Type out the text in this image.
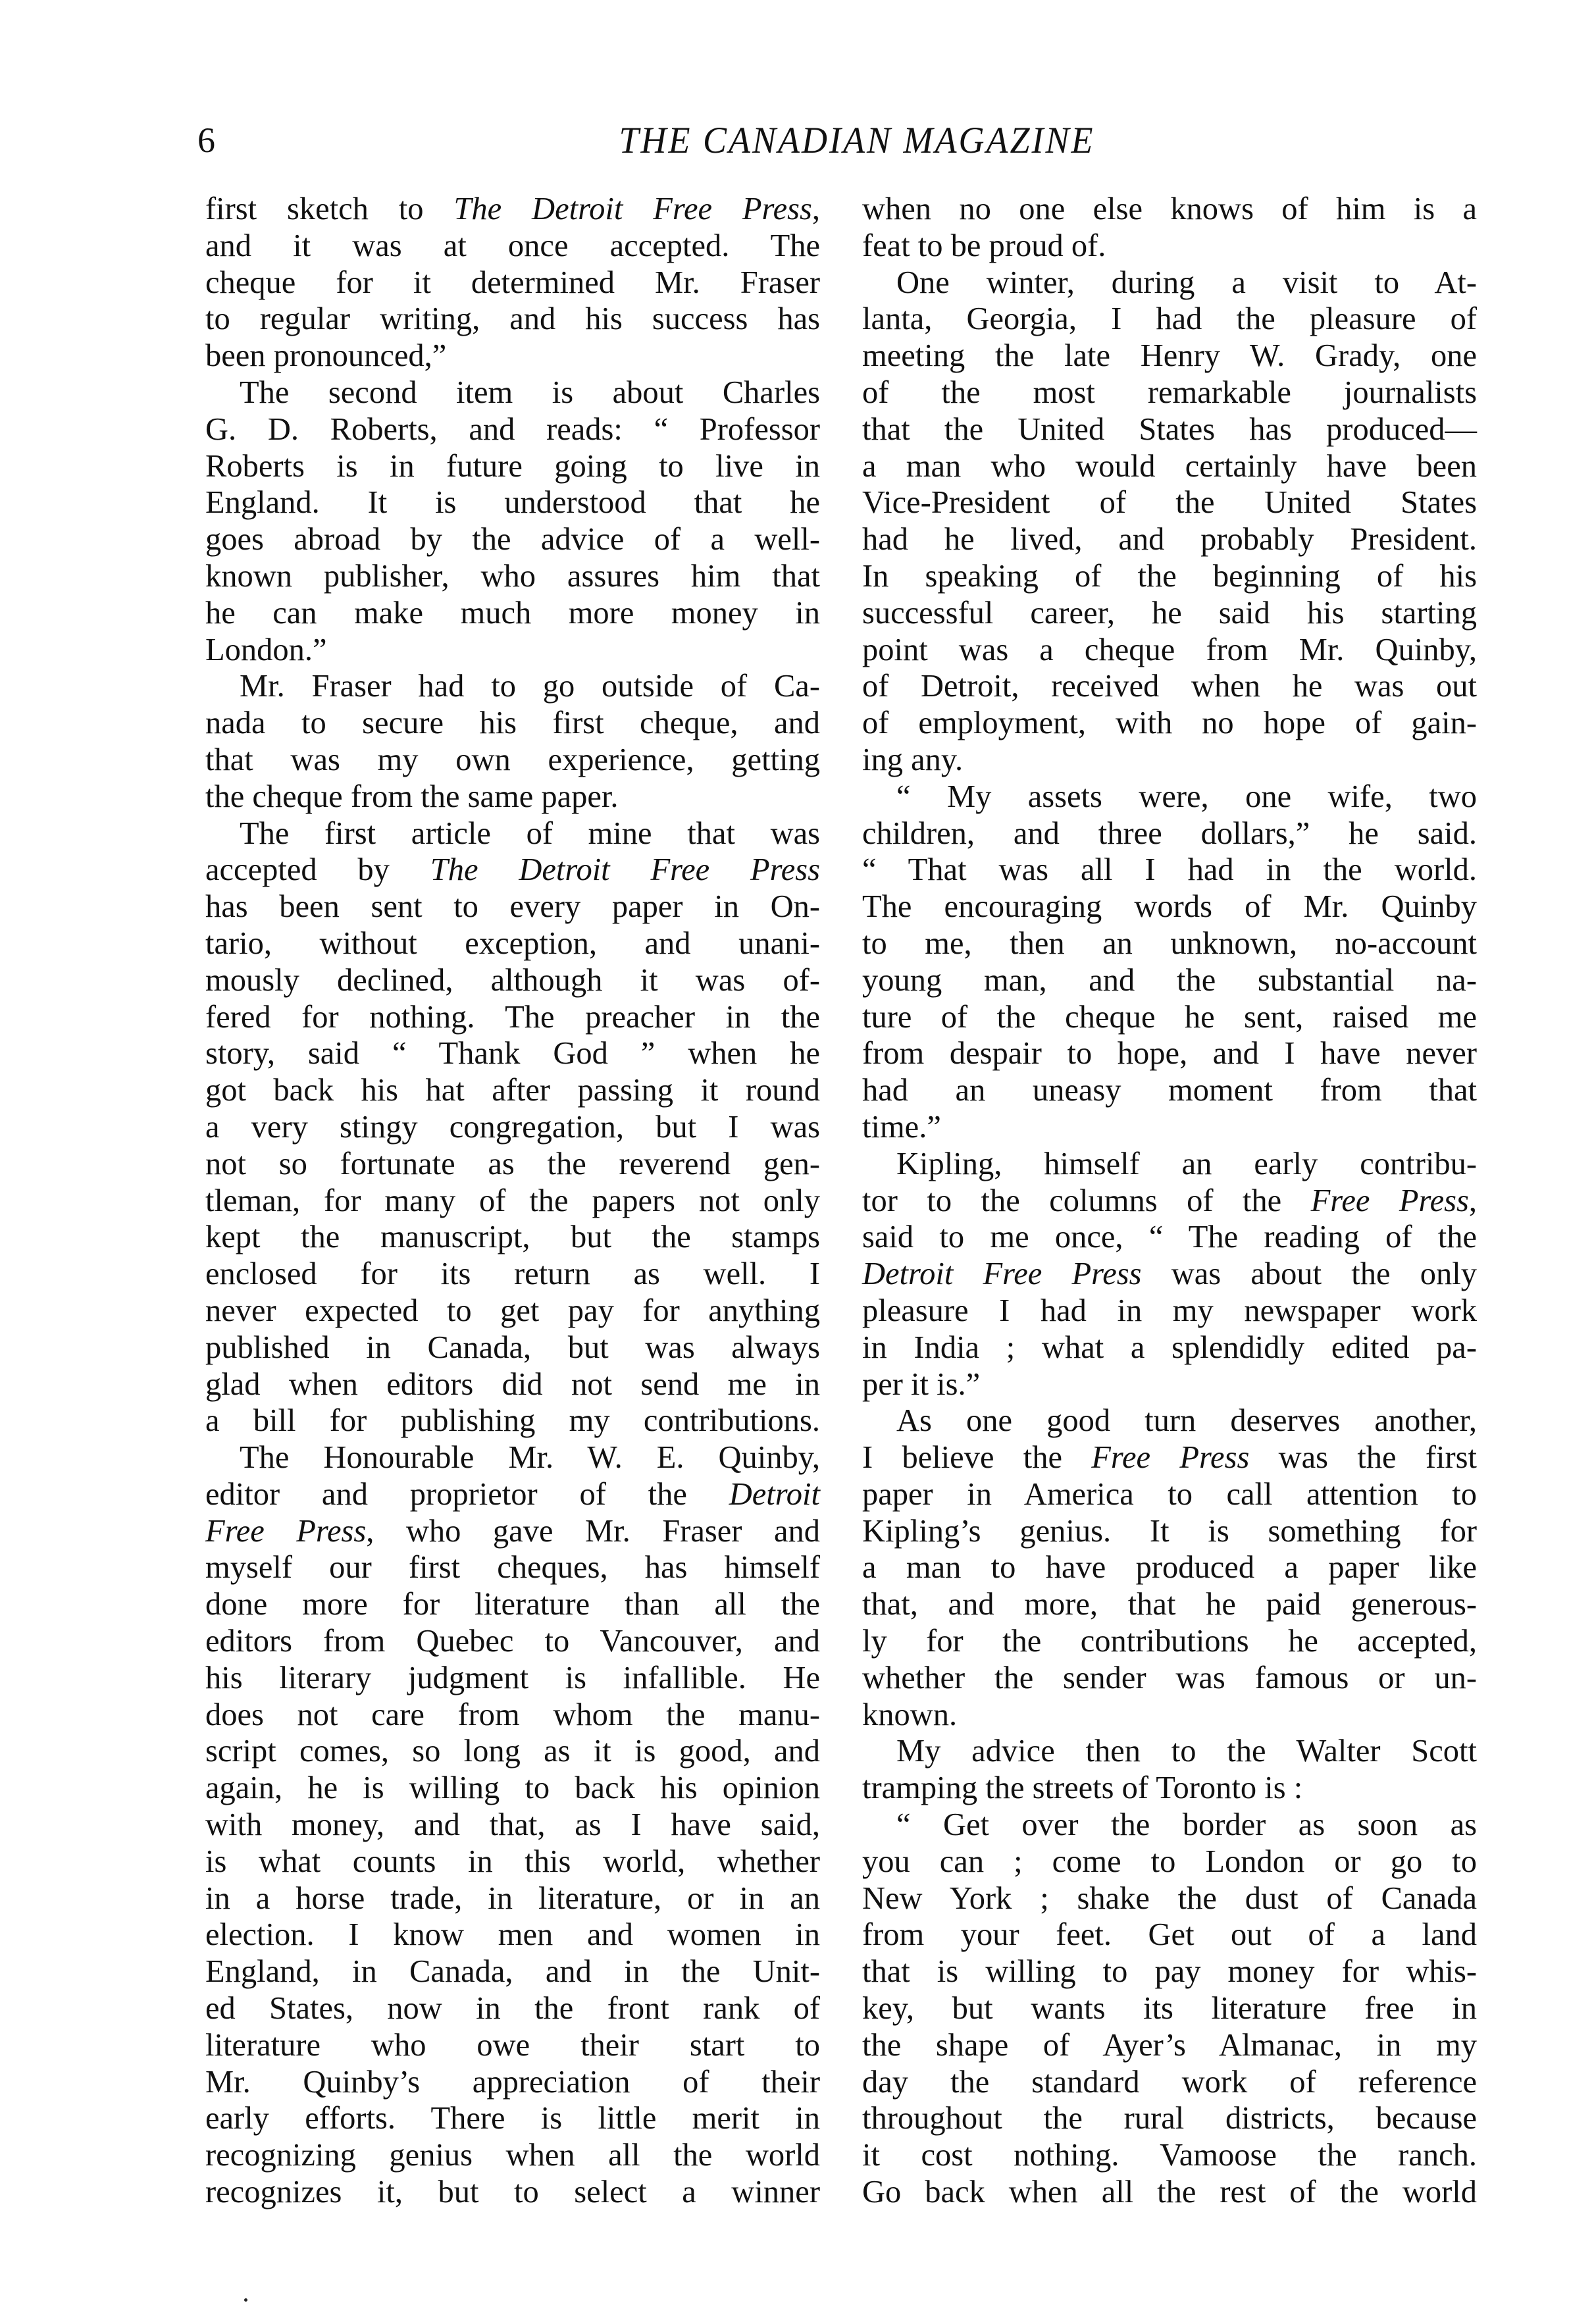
6	THE CANADIAN MAGAZINE
first sketch to The Detroit Free Press,
and it was at once accepted. The
cheque for it determined Mr. Fraser
to regular writing, and his success has
been pronounced,”
The second item is about Charles
G. D. Roberts, and reads: “ Professor
Roberts is in future going to live in
England. It is understood that he
goes abroad by the advice of a well-
known publisher, who assures him that
he can make much more money in
London.”
Mr. Fraser had to go outside of Ca-
nada to secure his first cheque, and
that was my own experience, getting
the cheque from the same paper.
The first article of mine that was
accepted by The Detroit Free Press
has been sent to every paper in On-
tario, without exception, and unani-
mously declined, although it was of-
fered for nothing. The preacher in the
story, said “ Thank God ” when he
got back his hat after passing it round
a very stingy congregation, but I was
not so fortunate as the reverend gen-
tleman, for many of the papers not only
kept the manuscript, but the stamps
enclosed for its return as well. I
never expected to get pay for anything
published in Canada, but was always
glad when editors did not send me in
a bill for publishing my contributions.
The Honourable Mr. W. E. Quinby,
editor and proprietor of the Detroit
Free Press, who gave Mr. Fraser and
myself our first cheques, has himself
done more for literature than all the
editors from Quebec to Vancouver, and
his literary judgment is infallible. He
does not care from whom the manu-
script comes, so long as it is good, and
again, he is willing to back his opinion
with money, and that, as I have said,
is what counts in this world, whether
in a horse trade, in literature, or in an
election. I know men and women in
England, in Canada, and in the Unit-
ed States, now in the front rank of
literature who owe their start to
Mr. Quinby’s appreciation of their
early efforts. There is little merit in
recognizing genius when all the world
recognizes it, but to select a winner
when no one else knows of him is a
feat to be proud of.
One winter, during a visit to At-
lanta, Georgia, I had the pleasure of
meeting the late Henry W. Grady, one
of the most remarkable journalists
that the United States has produced—
a man who would certainly have been
Vice-President of the United States
had he lived, and probably President.
In speaking of the beginning of his
successful career, he said his starting
point was a cheque from Mr. Quinby,
of Detroit, received when he was out
of employment, with no hope of gain-
ing any.
“ My assets were, one wife, two
children, and three dollars,” he said.
“ That was all I had in the world.
The encouraging words of Mr. Quinby
to me, then an unknown, no-account
young man, and the substantial na-
ture of the cheque he sent, raised me
from despair to hope, and I have never
had an uneasy moment from that
time.”
Kipling, himself an early contribu-
tor to the columns of the Free Press,
said to me once, “ The reading of the
Detroit Free Press was about the only
pleasure I had in my newspaper work
in India ; what a splendidly edited pa-
per it is.”
As one good turn deserves another,
I believe the Free Press was the first
paper in America to call attention to
Kipling’s genius. It is something for
a man to have produced a paper like
that, and more, that he paid generous-
ly for the contributions he accepted,
whether the sender was famous or un-
known.
My advice then to the Walter Scott
tramping the streets of Toronto is :
“ Get over the border as soon as
you can ; come to London or go to
New York ; shake the dust of Canada
from your feet. Get out of a land
that is willing to pay money for whis-
key, but wants its literature free in
the shape of Ayer’s Almanac, in my
day the standard work of reference
throughout the rural districts, because
it cost nothing. Vamoose the ranch.
Go back when all the rest of the world
